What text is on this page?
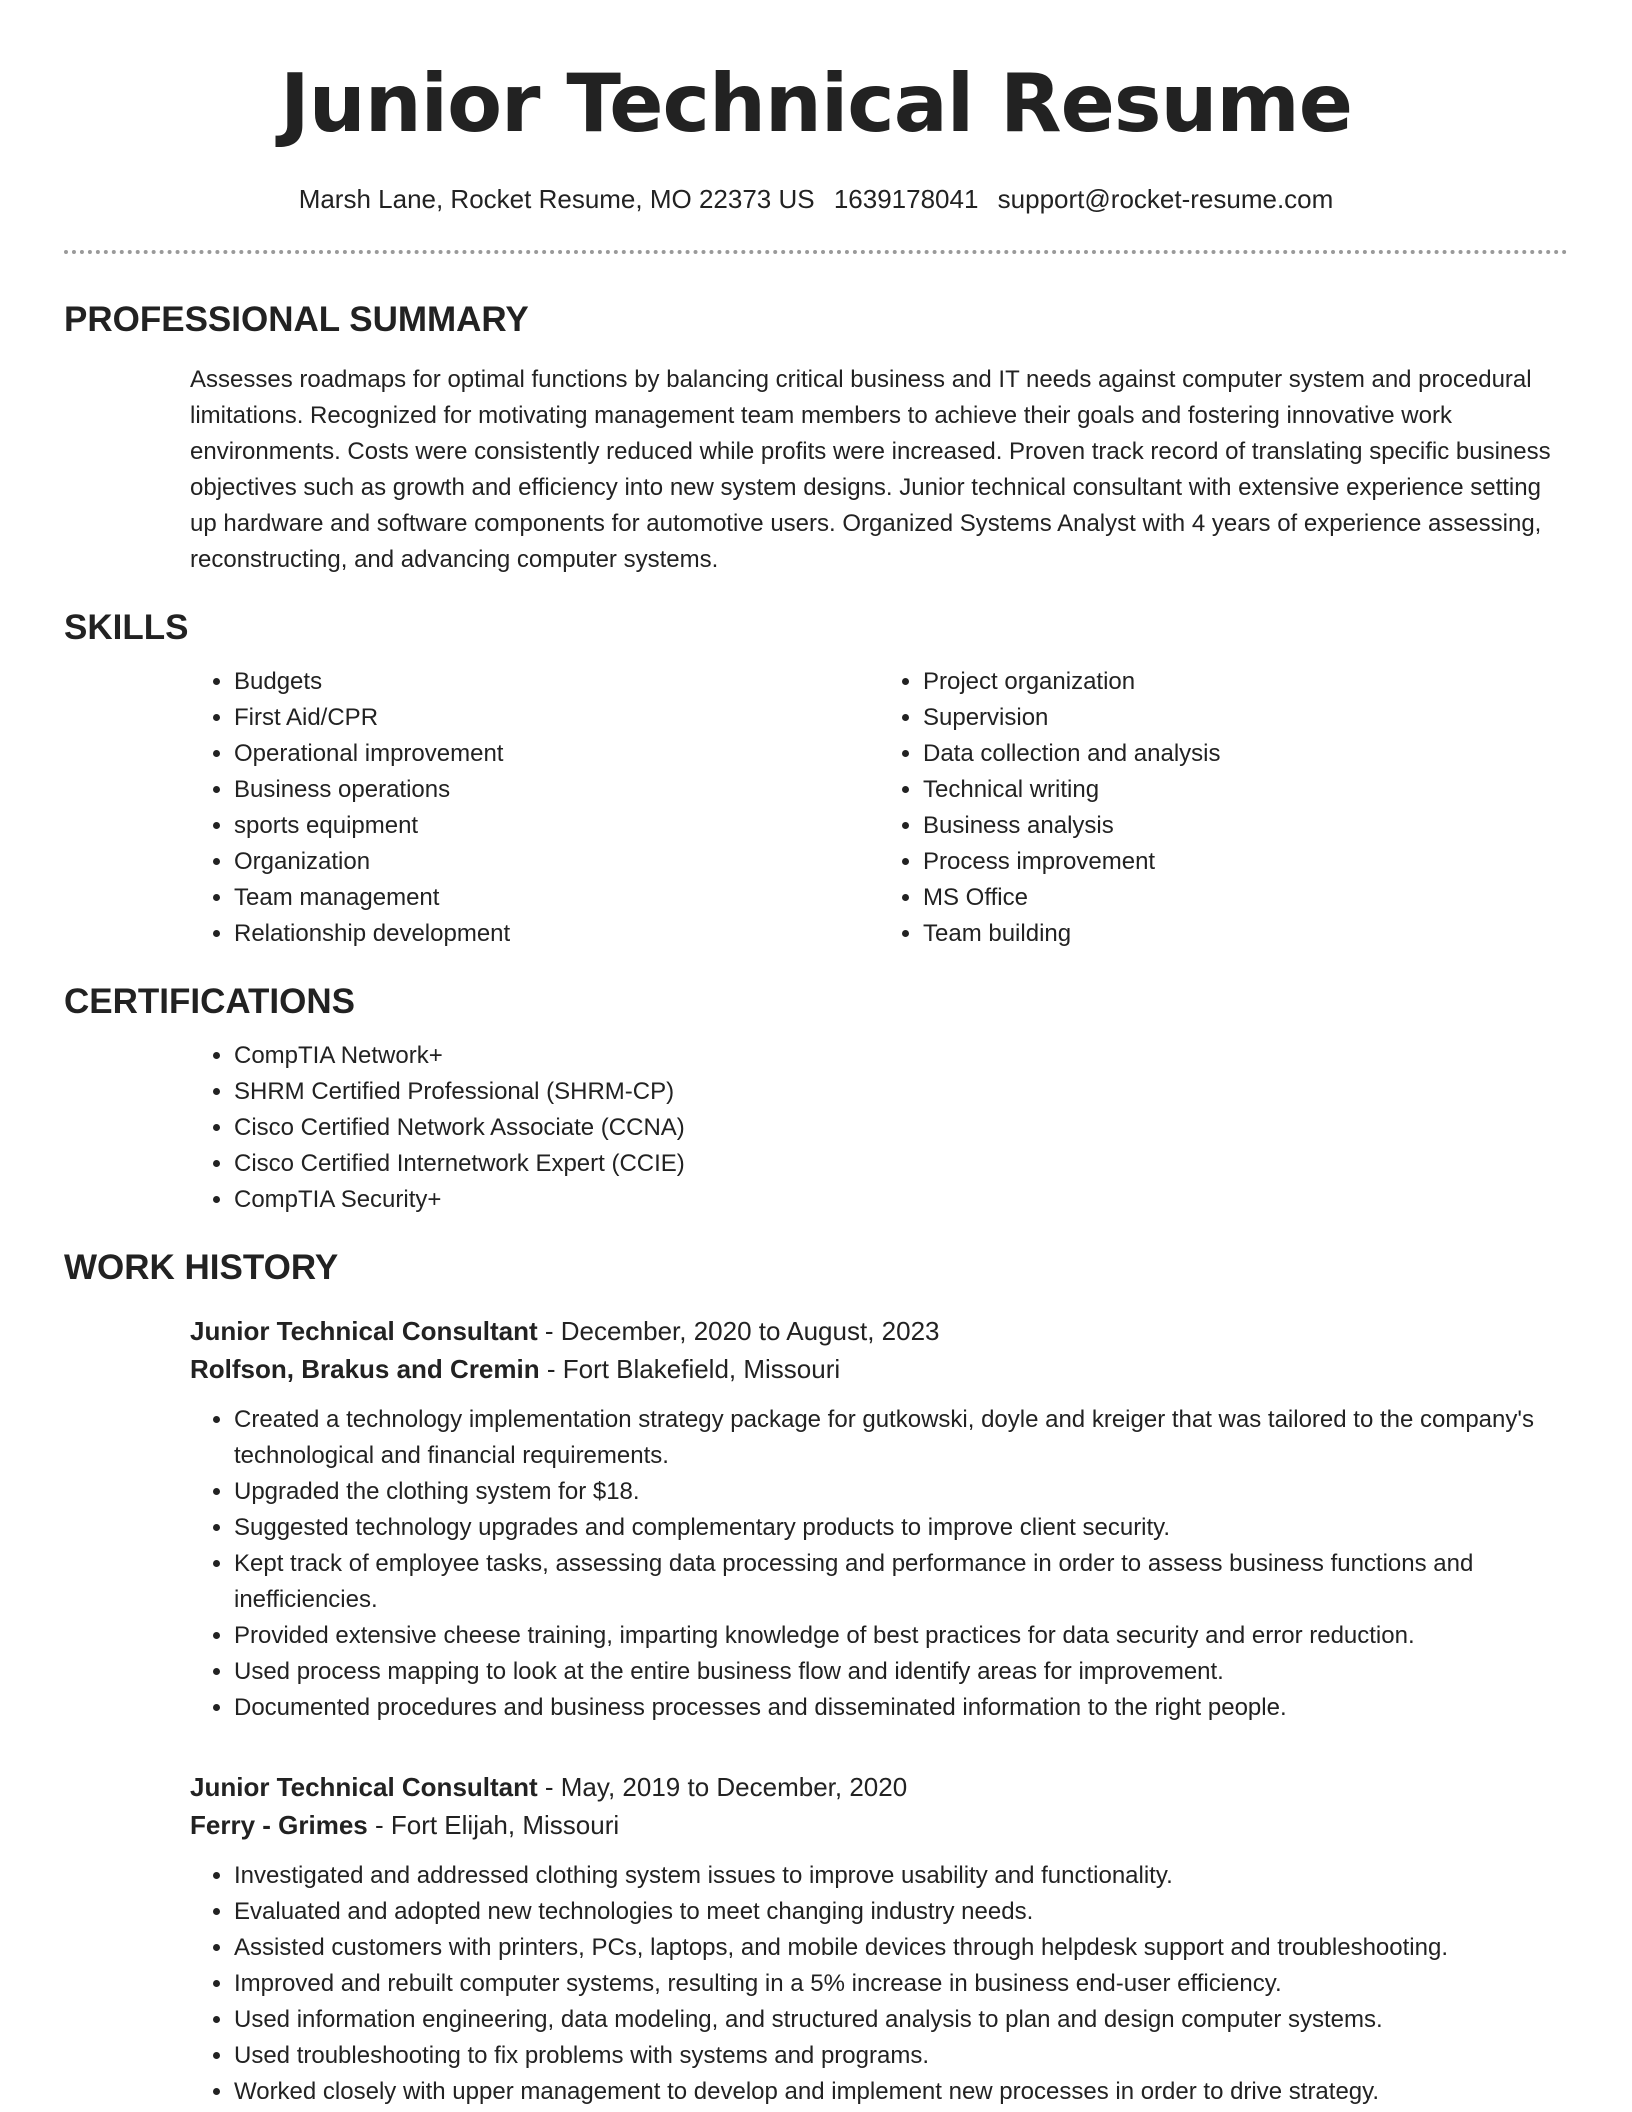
Junior Technical Resume
Marsh Lane, Rocket Resume, MO 22373 US 1639178041 support@rocket-resume.com
PROFESSIONAL SUMMARY
Assesses roadmaps for optimal functions by balancing critical business and IT needs against computer system and procedural limitations. Recognized for motivating management team members to achieve their goals and fostering innovative work environments. Costs were consistently reduced while profits were increased. Proven track record of translating specific business objectives such as growth and efficiency into new system designs. Junior technical consultant with extensive experience setting up hardware and software components for automotive users. Organized Systems Analyst with 4 years of experience assessing, reconstructing, and advancing computer systems.
SKILLS
• Budgets
• First Aid/CPR
• Operational improvement
• Business operations
• sports equipment
• Organization
• Team management
• Relationship development
• Project organization
• Supervision
• Data collection and analysis
• Technical writing
• Business analysis
• Process improvement
• MS Office
• Team building
CERTIFICATIONS
• CompTIA Network+
• SHRM Certified Professional (SHRM-CP)
• Cisco Certified Network Associate (CCNA)
• Cisco Certified Internetwork Expert (CCIE)
• CompTIA Security+
WORK HISTORY
Junior Technical Consultant - December, 2020 to August, 2023
Rolfson, Brakus and Cremin - Fort Blakefield, Missouri
• Created a technology implementation strategy package for gutkowski, doyle and kreiger that was tailored to the company's technological and financial requirements.
• Upgraded the clothing system for $18.
• Suggested technology upgrades and complementary products to improve client security.
• Kept track of employee tasks, assessing data processing and performance in order to assess business functions and inefficiencies.
• Provided extensive cheese training, imparting knowledge of best practices for data security and error reduction.
• Used process mapping to look at the entire business flow and identify areas for improvement.
• Documented procedures and business processes and disseminated information to the right people.
Junior Technical Consultant - May, 2019 to December, 2020
Ferry - Grimes - Fort Elijah, Missouri
• Investigated and addressed clothing system issues to improve usability and functionality.
• Evaluated and adopted new technologies to meet changing industry needs.
• Assisted customers with printers, PCs, laptops, and mobile devices through helpdesk support and troubleshooting.
• Improved and rebuilt computer systems, resulting in a 5% increase in business end-user efficiency.
• Used information engineering, data modeling, and structured analysis to plan and design computer systems.
• Used troubleshooting to fix problems with systems and programs.
• Worked closely with upper management to develop and implement new processes in order to drive strategy.
